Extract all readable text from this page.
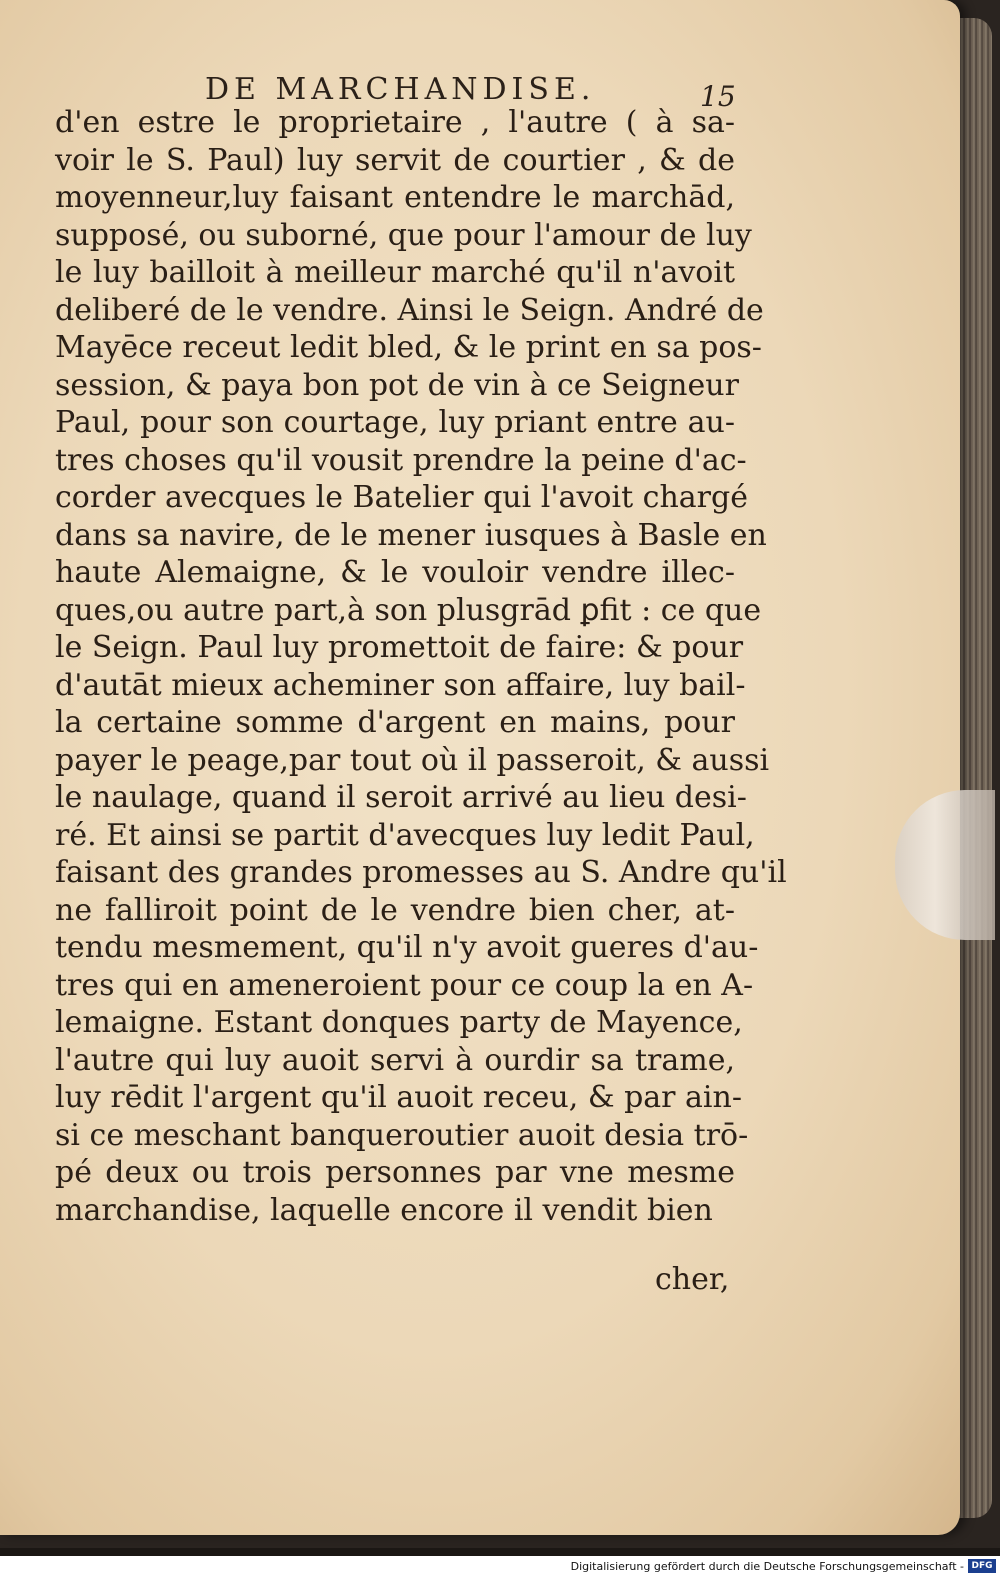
DE MARCHANDISE.	15
d'en estre le proprietaire , l'autre ( à sa-
voir le S. Paul) luy servit de courtier , & de
moyenneur,luy faisant entendre le marchād,
supposé, ou suborné, que pour l'amour de luy
le luy bailloit à meilleur marché qu'il n'avoit
deliberé de le vendre. Ainsi le Seign. André de
Mayēce receut ledit bled, & le print en sa pos-
session, & paya bon pot de vin à ce Seigneur
Paul, pour son courtage, luy priant entre au-
tres choses qu'il vousit prendre la peine d'ac-
corder avecques le Batelier qui l'avoit chargé
dans sa navire, de le mener iusques à Basle en
haute Alemaigne, & le vouloir vendre illec-
ques,ou autre part,à son plusgrād ꝑfit : ce que
le Seign. Paul luy promettoit de faire: & pour
d'autāt mieux acheminer son affaire, luy bail-
la certaine somme d'argent en mains, pour
payer le peage,par tout où il passeroit, & aussi
le naulage, quand il seroit arrivé au lieu desi-
ré. Et ainsi se partit d'avecques luy ledit Paul,
faisant des grandes promesses au S. Andre qu'il
ne falliroit point de le vendre bien cher, at-
tendu mesmement, qu'il n'y avoit gueres d'au-
tres qui en ameneroient pour ce coup la en A-
lemaigne. Estant donques party de Mayence,
l'autre qui luy auoit servi à ourdir sa trame,
luy rēdit l'argent qu'il auoit receu, & par ain-
si ce meschant banqueroutier auoit desia trō-
pé deux ou trois personnes par vne mesme
marchandise, laquelle encore il vendit bien
cher,
Digitalisierung gefördert durch die Deutsche Forschungsgemeinschaft - DFG
